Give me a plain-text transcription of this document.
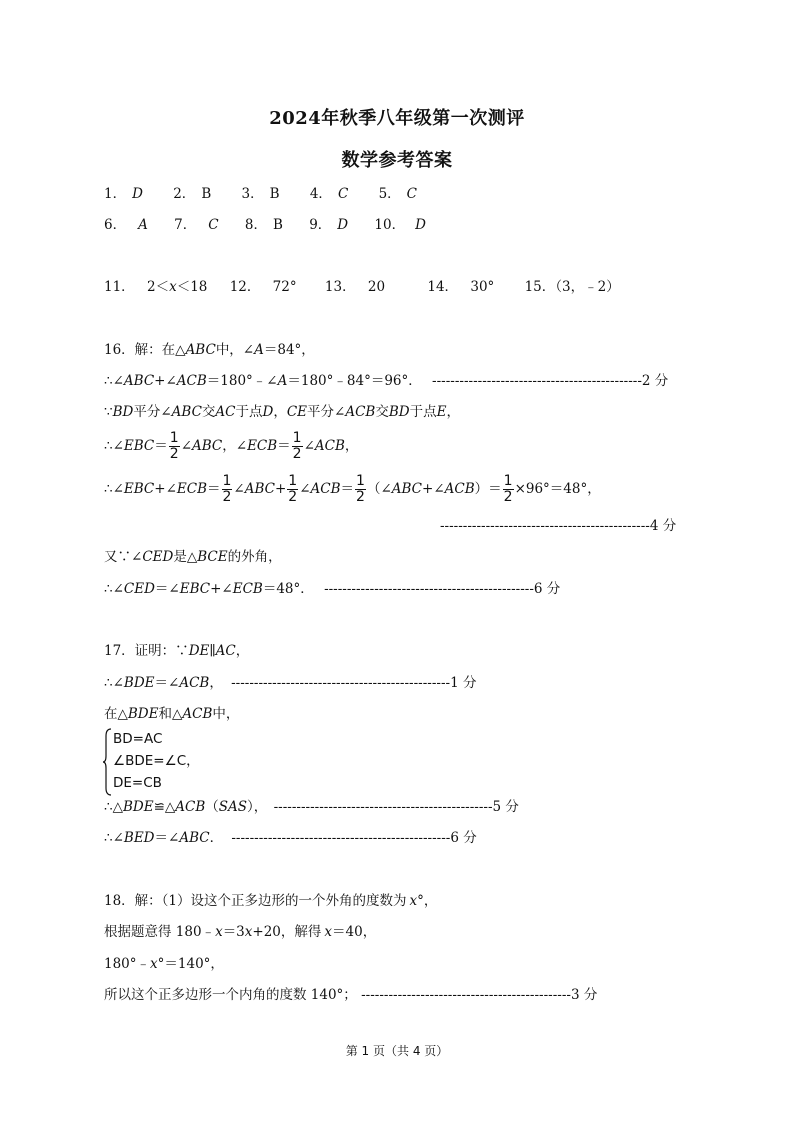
2024年秋季八年级第一次测评
数学参考答案
1． D 2． B 3． B 4． C 5． C
6． A 7． C 8． B 9． D 10． D
11． 2＜x＜18 12． 72° 13． 20	14． 30° 15．（3，﹣2）
16．解：在△ABC中，∠A＝84°，
∴∠ABC+∠ACB＝180°﹣∠A＝180°﹣84°＝96°． ----------------------------------------------2 分
∵BD平分∠ABC交AC于点D，CE平分∠ACB交BD于点E，
∴∠EBC＝ $\frac{1}{2}$ ∠ABC，∠ECB＝ $\frac{1}{2}$ ∠ACB，
∴∠EBC+∠ECB＝ $\frac{1}{2}$ ∠ABC+ $\frac{1}{2}$ ∠ACB＝ $\frac{1}{2}$ （∠ABC+∠ACB）＝ $\frac{1}{2} \times 96^\circ=48^\circ$，
----------------------------------------------4 分
又∵∠CED是△BCE的外角，
∴∠CED＝∠EBC+∠ECB＝48°． ----------------------------------------------6 分
17．证明：∵DE∥AC，
∴∠BDE＝∠ACB， ------------------------------------------------1 分
在△BDE和△ACB中，
BD=AC
∠BDE=∠C，
DE=CB
∴△BDE≌△ACB（SAS）， ------------------------------------------------5 分
∴∠BED＝∠ABC． ------------------------------------------------6 分
18．解：（1）设这个正多边形的一个外角的度数为 x°，
根据题意得 180﹣x＝3x+20，解得 x＝40，
180°﹣x°＝140°，
所以这个正多边形一个内角的度数 140°； ----------------------------------------------3 分
第 1 页（共 4 页）
